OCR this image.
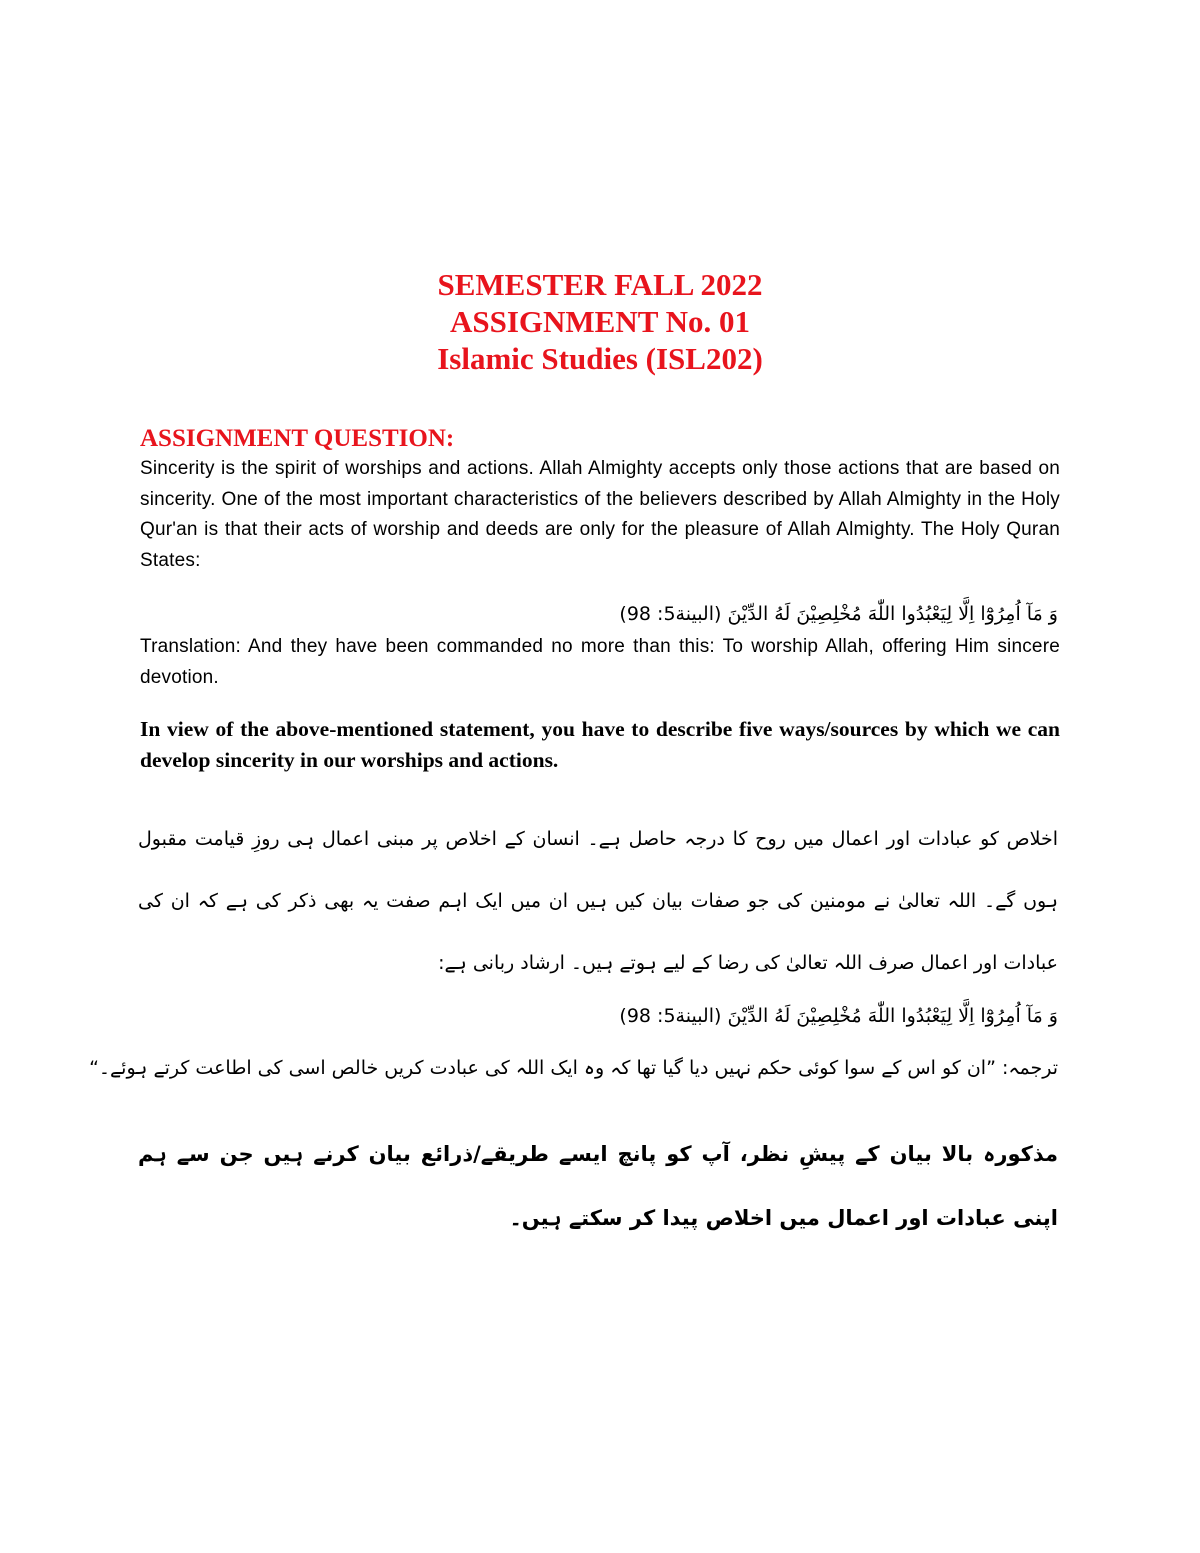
SEMESTER FALL 2022
ASSIGNMENT No. 01
Islamic Studies (ISL202)
ASSIGNMENT QUESTION:
Sincerity is the spirit of worships and actions. Allah Almighty accepts only those actions that are based on sincerity. One of the most important characteristics of the believers described by Allah Almighty in the Holy Qur'an is that their acts of worship and deeds are only for the pleasure of Allah Almighty. The Holy Quran States:
وَ مَآ اُمِرُوْٓا اِلَّا لِيَعْبُدُوا اللّٰهَ مُخْلِصِيْنَ لَهُ الدِّيْنَ (البينة5: 98)
Translation: And they have been commanded no more than this: To worship Allah, offering Him sincere devotion.
In view of the above-mentioned statement, you have to describe five ways/sources by which we can develop sincerity in our worships and actions.
اخلاص کو عبادات اور اعمال میں روح کا درجہ حاصل ہے۔ انسان کے اخلاص پر مبنی اعمال ہی روزِ قیامت مقبول ہوں گے۔ اللہ تعالیٰ نے مومنین کی جو صفات بیان کیں ہیں ان میں ایک اہم صفت یہ بھی ذکر کی ہے کہ ان کی عبادات اور اعمال صرف اللہ تعالیٰ کی رضا کے لیے ہوتے ہیں۔ ارشاد ربانی ہے:
وَ مَآ اُمِرُوْٓا اِلَّا لِيَعْبُدُوا اللّٰهَ مُخْلِصِيْنَ لَهُ الدِّيْنَ (البينة5: 98)
ترجمہ: ”ان کو اس کے سوا کوئی حکم نہیں دیا گیا تھا کہ وہ ایک اللہ کی عبادت کریں خالص اسی کی اطاعت کرتے ہوئے۔“
مذکورہ بالا بیان کے پیشِ نظر، آپ کو پانچ ایسے طریقے/ذرائع بیان کرنے ہیں جن سے ہم اپنی عبادات اور اعمال میں اخلاص پیدا کر سکتے ہیں۔
